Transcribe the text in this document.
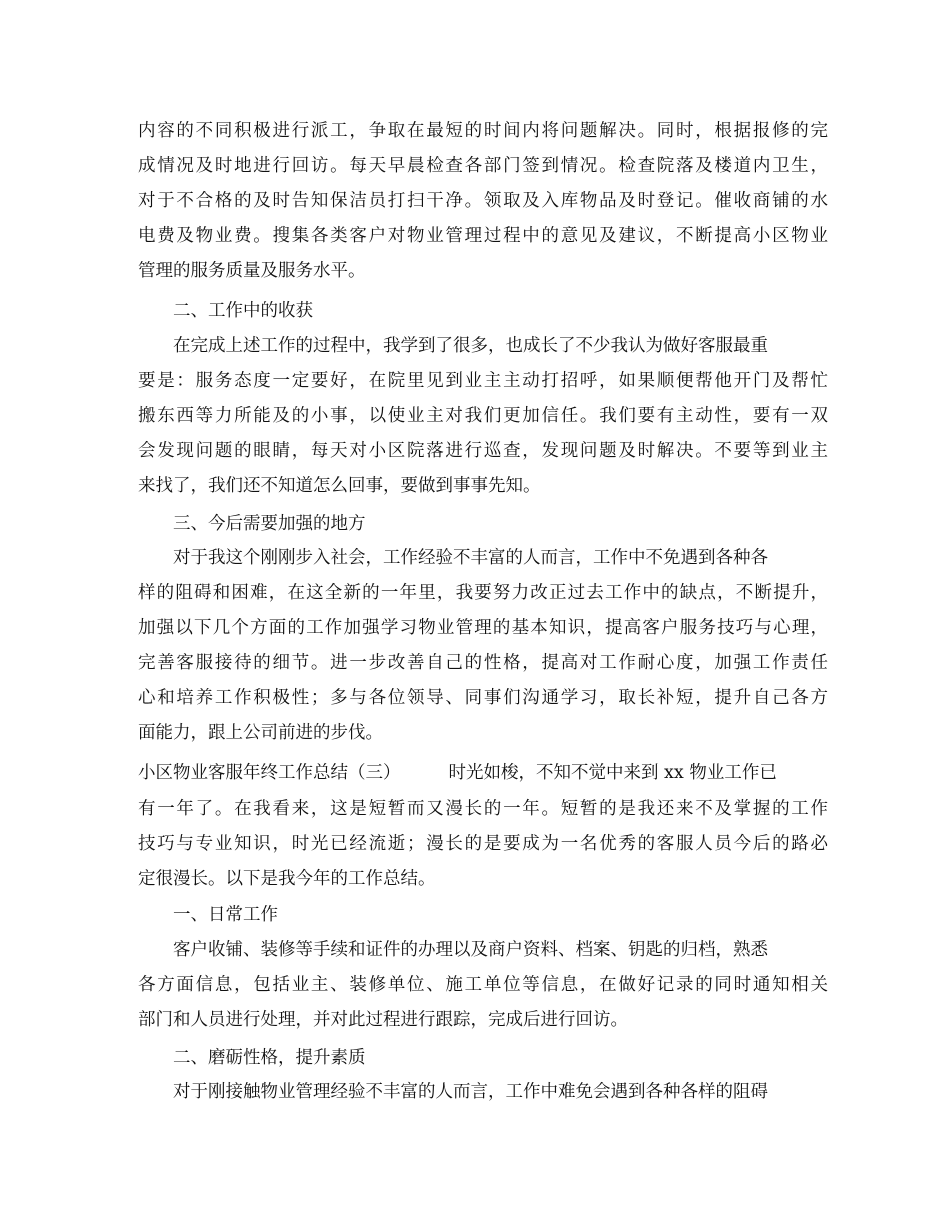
内容的不同积极进行派工，争取在最短的时间内将问题解决。同时，根据报修的完
成情况及时地进行回访。每天早晨检查各部门签到情况。检查院落及楼道内卫生，
对于不合格的及时告知保洁员打扫干净。领取及入库物品及时登记。催收商铺的水
电费及物业费。搜集各类客户对物业管理过程中的意见及建议，不断提高小区物业
管理的服务质量及服务水平。
二、工作中的收获
在完成上述工作的过程中，我学到了很多，也成长了不少我认为做好客服最重
要是：服务态度一定要好，在院里见到业主主动打招呼，如果顺便帮他开门及帮忙
搬东西等力所能及的小事，以使业主对我们更加信任。我们要有主动性，要有一双
会发现问题的眼睛，每天对小区院落进行巡查，发现问题及时解决。不要等到业主
来找了，我们还不知道怎么回事，要做到事事先知。
三、今后需要加强的地方
对于我这个刚刚步入社会，工作经验不丰富的人而言，工作中不免遇到各种各
样的阻碍和困难，在这全新的一年里，我要努力改正过去工作中的缺点，不断提升，
加强以下几个方面的工作加强学习物业管理的基本知识，提高客户服务技巧与心理，
完善客服接待的细节。进一步改善自己的性格，提高对工作耐心度，加强工作责任
心和培养工作积极性；多与各位领导、同事们沟通学习，取长补短，提升自己各方
面能力，跟上公司前进的步伐。
小区物业客服年终工作总结（三）	时光如梭，不知不觉中来到 xx 物业工作已
有一年了。在我看来，这是短暂而又漫长的一年。短暂的是我还来不及掌握的工作
技巧与专业知识，时光已经流逝；漫长的是要成为一名优秀的客服人员今后的路必
定很漫长。以下是我今年的工作总结。
一、日常工作
客户收铺、装修等手续和证件的办理以及商户资料、档案、钥匙的归档，熟悉
各方面信息，包括业主、装修单位、施工单位等信息，在做好记录的同时通知相关
部门和人员进行处理，并对此过程进行跟踪，完成后进行回访。
二、磨砺性格，提升素质
对于刚接触物业管理经验不丰富的人而言，工作中难免会遇到各种各样的阻碍
